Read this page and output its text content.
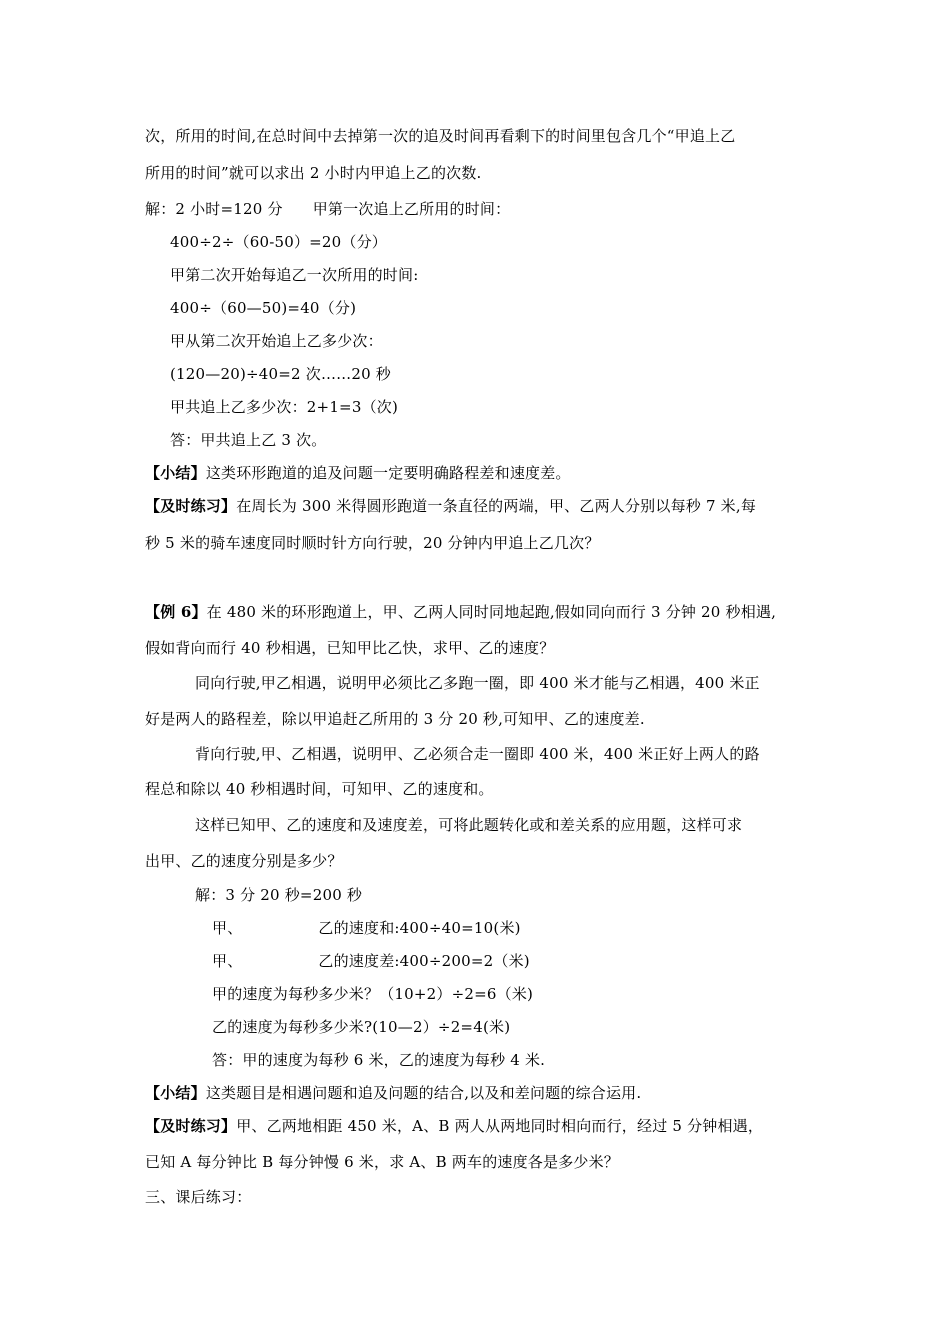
次，所用的时间,在总时间中去掉第一次的追及时间再看剩下的时间里包含几个“甲追上乙
所用的时间”就可以求出 2 小时内甲追上乙的次数.
解：2 小时=120 分 甲第一次追上乙所用的时间：
400÷2÷（60-50）=20（分）
甲第二次开始每追乙一次所用的时间:
400÷（60—50)=40（分)
甲从第二次开始追上乙多少次：
(120—20)÷40=2 次……20 秒
甲共追上乙多少次：2+1=3（次)
答：甲共追上乙 3 次。
【小结】这类环形跑道的追及问题一定要明确路程差和速度差。
【及时练习】在周长为 300 米得圆形跑道一条直径的两端，甲、乙两人分别以每秒 7 米,每
秒 5 米的骑车速度同时顺时针方向行驶，20 分钟内甲追上乙几次？
【例 6】在 480 米的环形跑道上，甲、乙两人同时同地起跑,假如同向而行 3 分钟 20 秒相遇,
假如背向而行 40 秒相遇，已知甲比乙快，求甲、乙的速度？
同向行驶,甲乙相遇，说明甲必须比乙多跑一圈，即 400 米才能与乙相遇，400 米正
好是两人的路程差，除以甲追赶乙所用的 3 分 20 秒,可知甲、乙的速度差.
背向行驶,甲、乙相遇，说明甲、乙必须合走一圈即 400 米，400 米正好上两人的路
程总和除以 40 秒相遇时间，可知甲、乙的速度和。
这样已知甲、乙的速度和及速度差，可将此题转化或和差关系的应用题，这样可求
出甲、乙的速度分别是多少？
解：3 分 20 秒=200 秒
甲、	乙的速度和:400÷40=10(米)
甲、	乙的速度差:400÷200=2（米)
甲的速度为每秒多少米？（10+2）÷2=6（米)
乙的速度为每秒多少米?(10—2）÷2=4(米)
答：甲的速度为每秒 6 米，乙的速度为每秒 4 米.
【小结】这类题目是相遇问题和追及问题的结合,以及和差问题的综合运用.
【及时练习】甲、乙两地相距 450 米，A、B 两人从两地同时相向而行，经过 5 分钟相遇，
已知 A 每分钟比 B 每分钟慢 6 米，求 A、B 两车的速度各是多少米？
三、课后练习：
